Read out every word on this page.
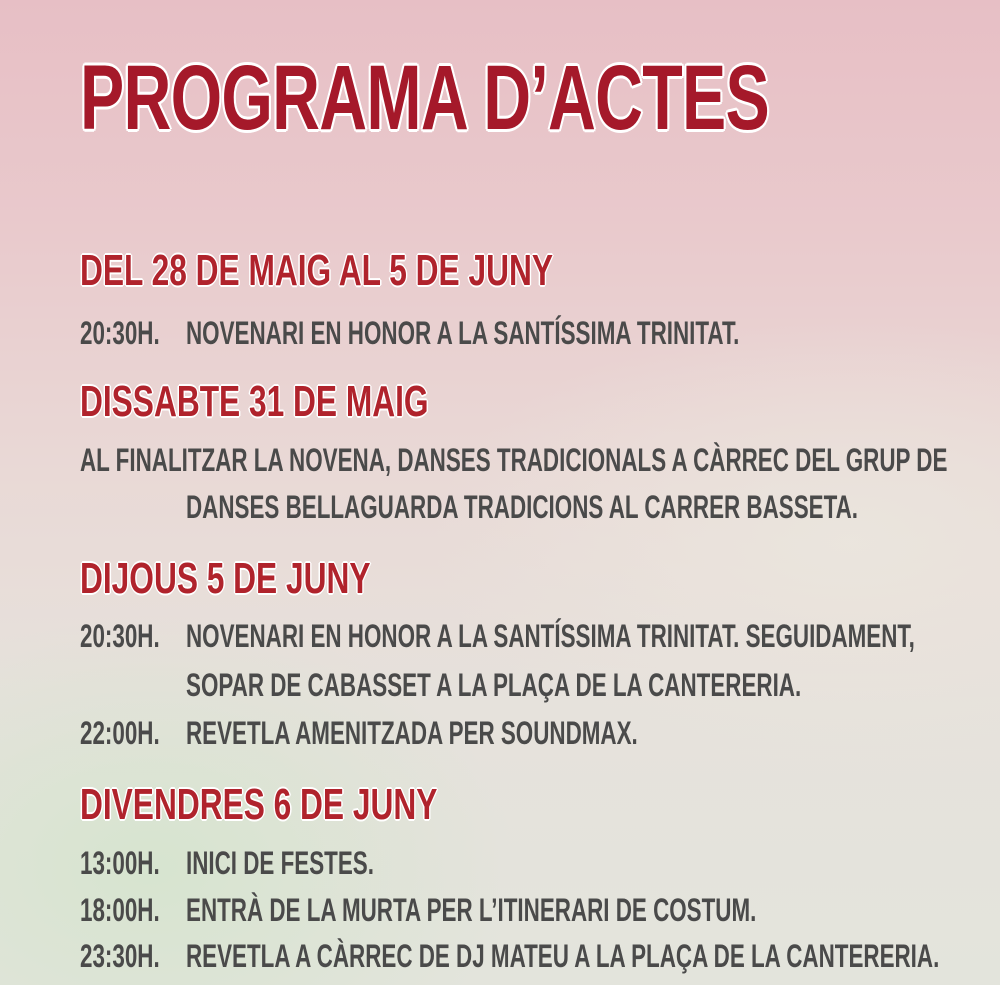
PROGRAMA D’ACTES
DEL 28 DE MAIG AL 5 DE JUNY

20:30H. NOVENARI EN HONOR A LA SANTÍSSIMA TRINITAT.

DISSABTE 31 DE MAIG

AL FINALITZAR LA NOVENA, DANSES TRADICIONALS A CÀRREC DEL GRUP DE

DANSES BELLAGUARDA TRADICIONS AL CARRER BASSETA.

DIJOUS 5 DE JUNY

20:30H. NOVENARI EN HONOR A LA SANTÍSSIMA TRINITAT. SEGUIDAMENT,

SOPAR DE CABASSET A LA PLAÇA DE LA CANTERERIA.

22:00H. REVETLA AMENITZADA PER SOUNDMAX.

DIVENDRES 6 DE JUNY

13:00H. INICI DE FESTES.

18:00H. ENTRÀ DE LA MURTA PER L’ITINERARI DE COSTUM.

23:30H. REVETLA A CÀRREC DE DJ MATEU A LA PLAÇA DE LA CANTERERIA.
